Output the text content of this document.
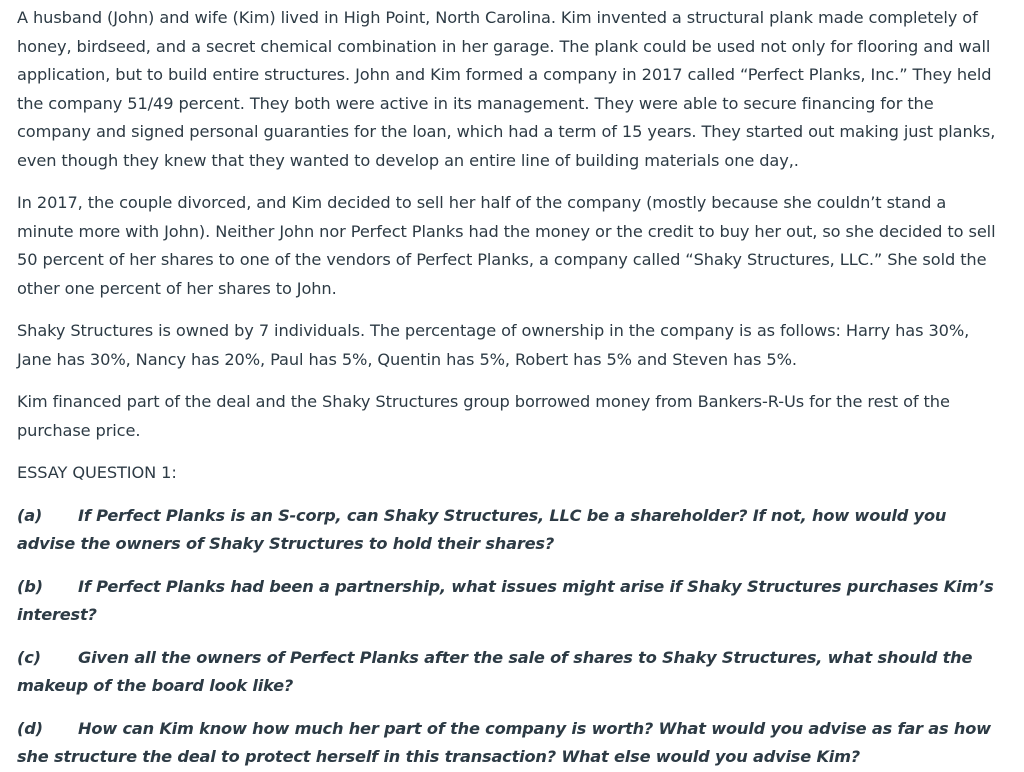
A husband (John) and wife (Kim) lived in High Point, North Carolina. Kim invented a structural plank made completely of honey, birdseed, and a secret chemical combination in her garage. The plank could be used not only for flooring and wall application, but to build entire structures. John and Kim formed a company in 2017 called “Perfect Planks, Inc.” They held the company 51/49 percent. They both were active in its management. They were able to secure financing for the company and signed personal guaranties for the loan, which had a term of 15 years. They started out making just planks, even though they knew that they wanted to develop an entire line of building materials one day,.

In 2017, the couple divorced, and Kim decided to sell her half of the company (mostly because she couldn’t stand a minute more with John). Neither John nor Perfect Planks had the money or the credit to buy her out, so she decided to sell 50 percent of her shares to one of the vendors of Perfect Planks, a company called “Shaky Structures, LLC.” She sold the other one percent of her shares to John.

Shaky Structures is owned by 7 individuals. The percentage of ownership in the company is as follows: Harry has 30%, Jane has 30%, Nancy has 20%, Paul has 5%, Quentin has 5%, Robert has 5% and Steven has 5%.

Kim financed part of the deal and the Shaky Structures group borrowed money from Bankers-R-Us for the rest of the purchase price.

ESSAY QUESTION 1:

(a) If Perfect Planks is an S-corp, can Shaky Structures, LLC be a shareholder? If not, how would you advise the owners of Shaky Structures to hold their shares?

(b) If Perfect Planks had been a partnership, what issues might arise if Shaky Structures purchases Kim’s interest?

(c) Given all the owners of Perfect Planks after the sale of shares to Shaky Structures, what should the makeup of the board look like?

(d) How can Kim know how much her part of the company is worth? What would you advise as far as how she structure the deal to protect herself in this transaction? What else would you advise Kim?
